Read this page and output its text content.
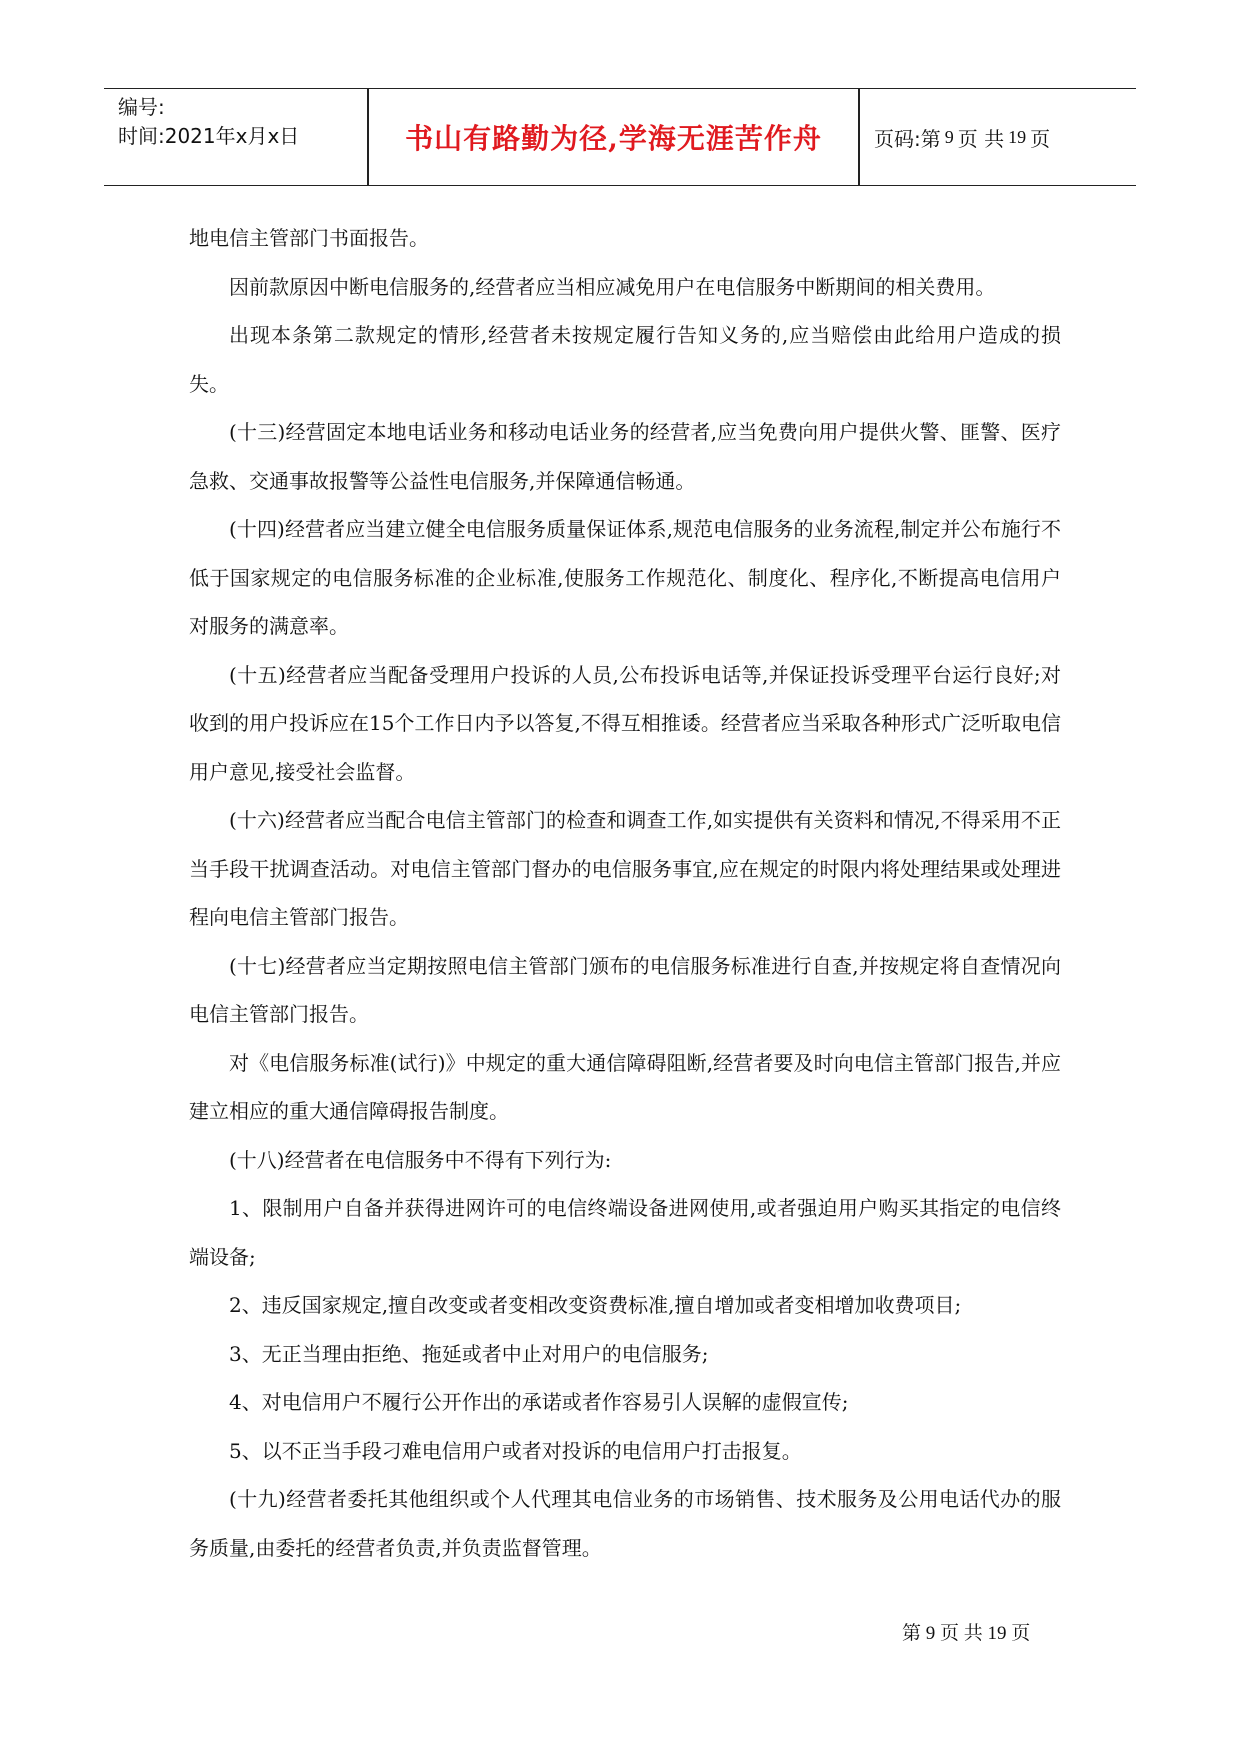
编号:
时间:2021年x月x日	书山有路勤为径,学海无涯苦作舟	页码:第 9 页 共 19 页

地电信主管部门书面报告。

因前款原因中断电信服务的,经营者应当相应减免用户在电信服务中断期间的相关费用。

出现本条第二款规定的情形,经营者未按规定履行告知义务的,应当赔偿由此给用户造成的损失。

(十三)经营固定本地电话业务和移动电话业务的经营者,应当免费向用户提供火警、匪警、医疗急救、交通事故报警等公益性电信服务,并保障通信畅通。

(十四)经营者应当建立健全电信服务质量保证体系,规范电信服务的业务流程,制定并公布施行不低于国家规定的电信服务标准的企业标准,使服务工作规范化、制度化、程序化,不断提高电信用户对服务的满意率。

(十五)经营者应当配备受理用户投诉的人员,公布投诉电话等,并保证投诉受理平台运行良好;对收到的用户投诉应在15个工作日内予以答复,不得互相推诿。经营者应当采取各种形式广泛听取电信用户意见,接受社会监督。

(十六)经营者应当配合电信主管部门的检查和调查工作,如实提供有关资料和情况,不得采用不正当手段干扰调查活动。对电信主管部门督办的电信服务事宜,应在规定的时限内将处理结果或处理进程向电信主管部门报告。

(十七)经营者应当定期按照电信主管部门颁布的电信服务标准进行自查,并按规定将自查情况向电信主管部门报告。

对《电信服务标准(试行)》中规定的重大通信障碍阻断,经营者要及时向电信主管部门报告,并应建立相应的重大通信障碍报告制度。

(十八)经营者在电信服务中不得有下列行为:

1、限制用户自备并获得进网许可的电信终端设备进网使用,或者强迫用户购买其指定的电信终端设备;

2、违反国家规定,擅自改变或者变相改变资费标准,擅自增加或者变相增加收费项目;

3、无正当理由拒绝、拖延或者中止对用户的电信服务;

4、对电信用户不履行公开作出的承诺或者作容易引人误解的虚假宣传;

5、以不正当手段刁难电信用户或者对投诉的电信用户打击报复。

(十九)经营者委托其他组织或个人代理其电信业务的市场销售、技术服务及公用电话代办的服务质量,由委托的经营者负责,并负责监督管理。

第 9 页 共 19 页
